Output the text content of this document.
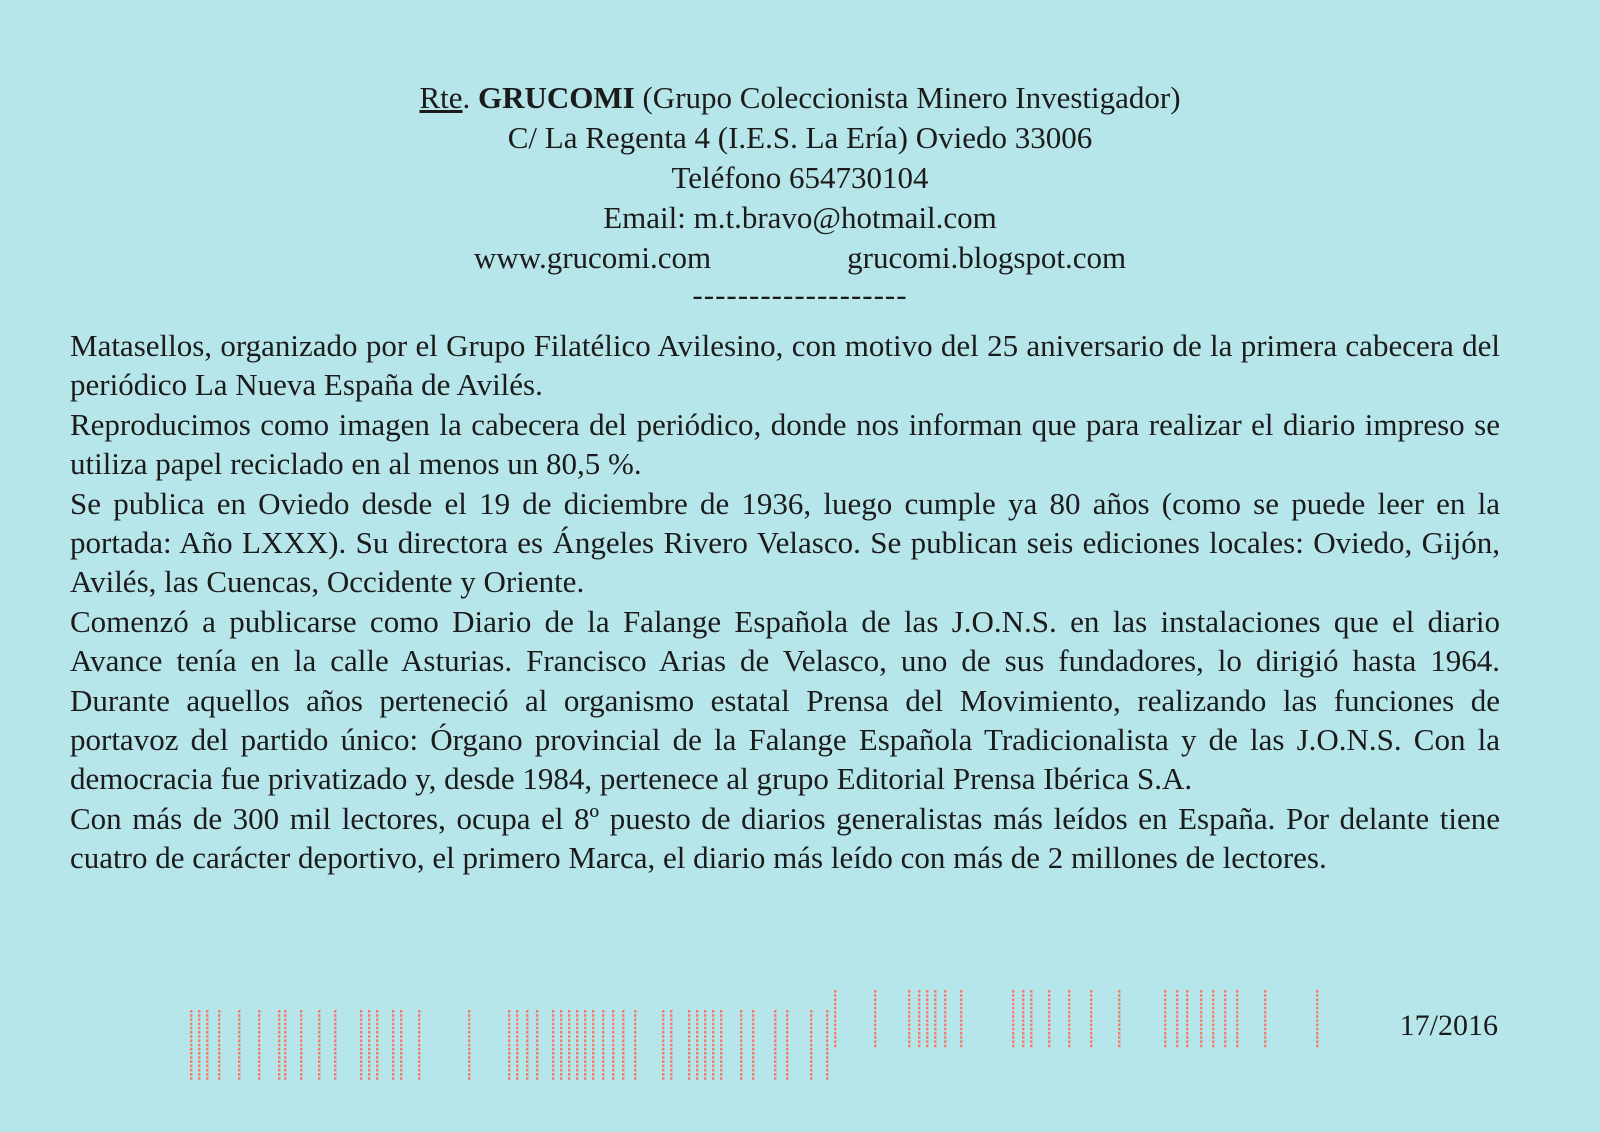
Rte. GRUCOMI (Grupo Coleccionista Minero Investigador)
C/ La Regenta 4 (I.E.S. La Ería) Oviedo 33006
Teléfono 654730104
Email: m.t.bravo@hotmail.com
www.grucomi.com	grucomi.blogspot.com
-------------------

Matasellos, organizado por el Grupo Filatélico Avilesino, con motivo del 25 aniversario de la primera cabecera del periódico La Nueva España de Avilés.

Reproducimos como imagen la cabecera del periódico, donde nos informan que para realizar el diario impreso se utiliza papel reciclado en al menos un 80,5 %.

Se publica en Oviedo desde el 19 de diciembre de 1936, luego cumple ya 80 años (como se puede leer en la portada: Año LXXX). Su directora es Ángeles Rivero Velasco. Se publican seis ediciones locales: Oviedo, Gijón, Avilés, las Cuencas, Occidente y Oriente.

Comenzó a publicarse como Diario de la Falange Española de las J.O.N.S. en las instalaciones que el diario Avance tenía en la calle Asturias. Francisco Arias de Velasco, uno de sus fundadores, lo dirigió hasta 1964. Durante aquellos años perteneció al organismo estatal Prensa del Movimiento, realizando las funciones de portavoz del partido único: Órgano provincial de la Falange Española Tradicionalista y de las J.O.N.S. Con la democracia fue privatizado y, desde 1984, pertenece al grupo Editorial Prensa Ibérica S.A.

Con más de 300 mil lectores, ocupa el 8º puesto de diarios generalistas más leídos en España. Por delante tiene cuatro de carácter deportivo, el primero Marca, el diario más leído con más de 2 millones de lectores.

17/2016
